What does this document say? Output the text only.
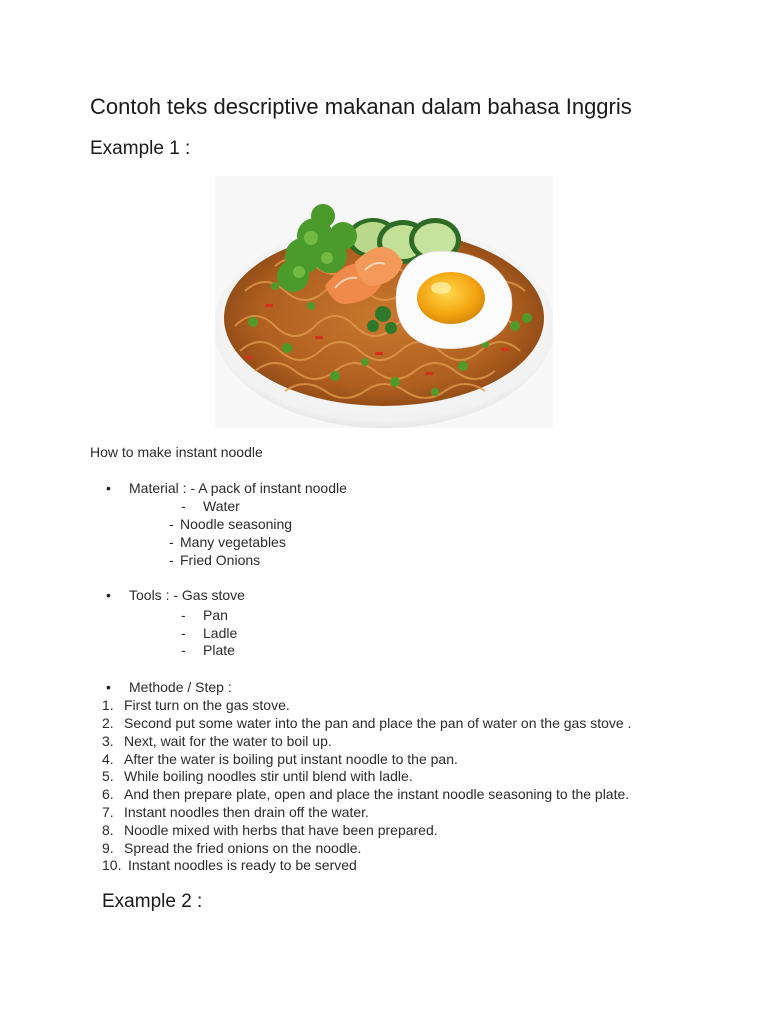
Contoh teks descriptive makanan dalam bahasa Inggris
Example 1 :
How to make instant noodle
• Material : - A pack of instant noodle
- Water
- Noodle seasoning
- Many vegetables
- Fried Onions
• Tools : - Gas stove
- Pan
- Ladle
- Plate
• Methode / Step :
1. First turn on the gas stove.
2. Second put some water into the pan and place the pan of water on the gas stove .
3. Next, wait for the water to boil up.
4. After the water is boiling put instant noodle to the pan.
5. While boiling noodles stir until blend with ladle.
6. And then prepare plate, open and place the instant noodle seasoning to the plate.
7. Instant noodles then drain off the water.
8. Noodle mixed with herbs that have been prepared.
9. Spread the fried onions on the noodle.
10. Instant noodles is ready to be served
Example 2 :
